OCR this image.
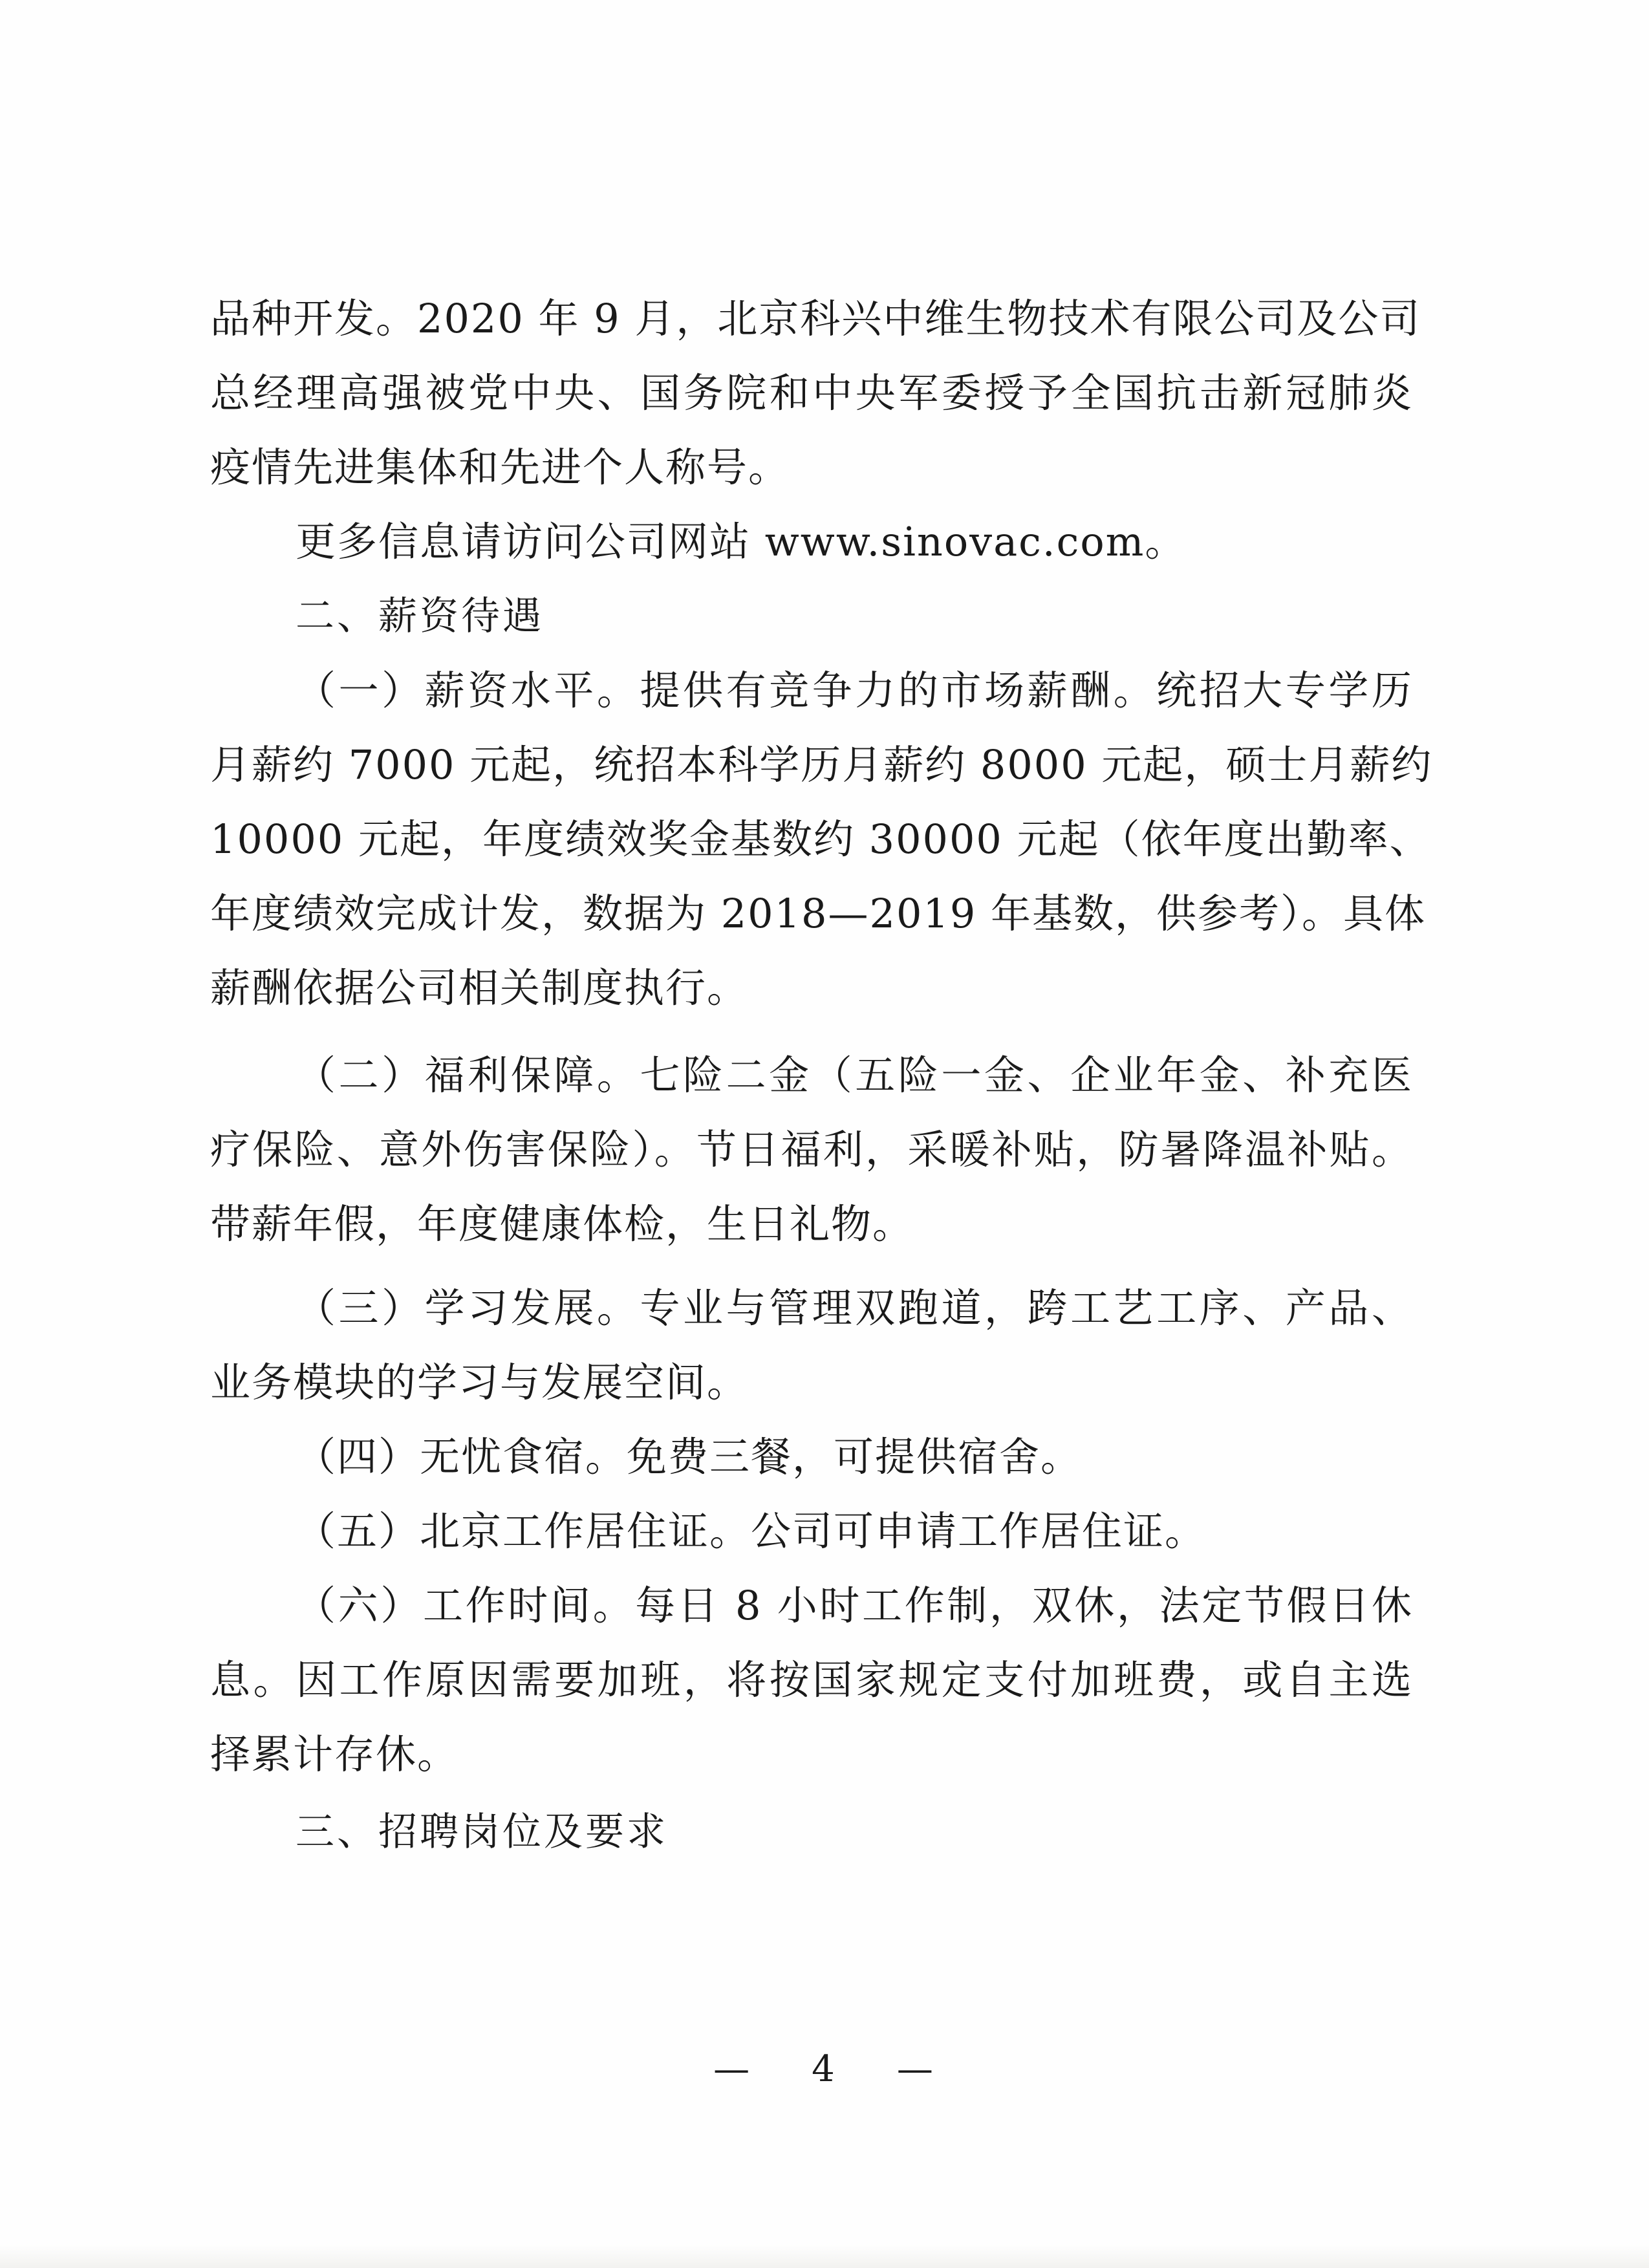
品种开发。2020 年 9 月，北京科兴中维生物技术有限公司及公司
总经理高强被党中央、国务院和中央军委授予全国抗击新冠肺炎
疫情先进集体和先进个人称号。
更多信息请访问公司网站 www.sinovac.com。
二、薪资待遇
（一）薪资水平。提供有竞争力的市场薪酬。统招大专学历
月薪约 7000 元起，统招本科学历月薪约 8000 元起，硕士月薪约
10000 元起，年度绩效奖金基数约 30000 元起（依年度出勤率、
年度绩效完成计发，数据为 2018—2019 年基数，供参考）。具体
薪酬依据公司相关制度执行。
（二）福利保障。七险二金（五险一金、企业年金、补充医
疗保险、意外伤害保险）。节日福利，采暖补贴，防暑降温补贴。
带薪年假，年度健康体检，生日礼物。
（三）学习发展。专业与管理双跑道，跨工艺工序、产品、
业务模块的学习与发展空间。
（四）无忧食宿。免费三餐，可提供宿舍。
（五）北京工作居住证。公司可申请工作居住证。
（六）工作时间。每日 8 小时工作制，双休，法定节假日休
息。因工作原因需要加班，将按国家规定支付加班费，或自主选
择累计存休。
三、招聘岗位及要求
— 4 —
